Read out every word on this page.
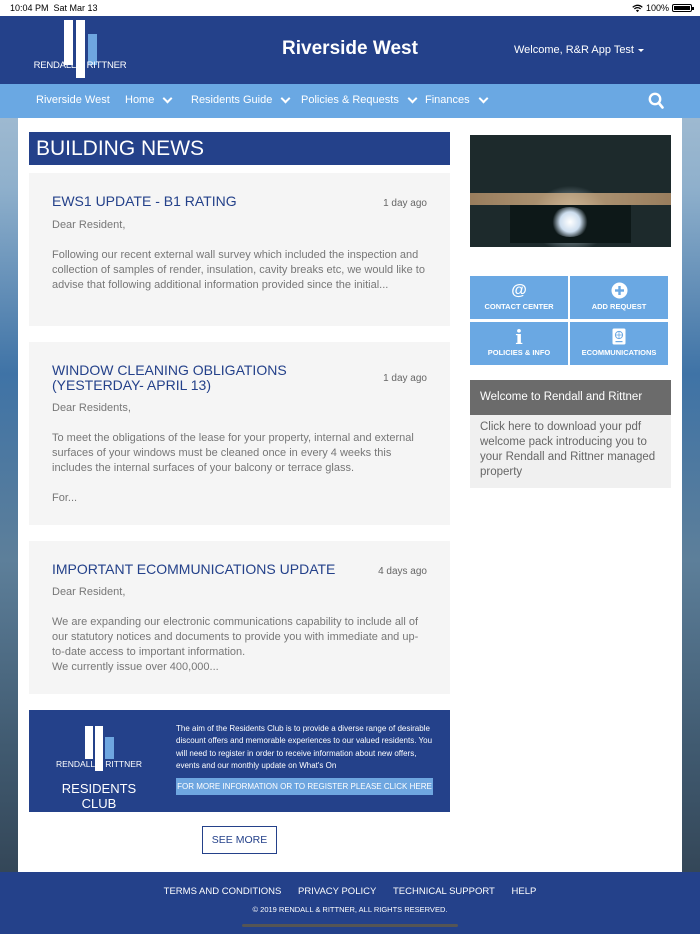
10:04 PM Sat Mar 13	100%
RENDALL & RITTNER
Riverside West	Welcome, R&R App Test
Riverside West Home	Residents Guide	Policies & Requests Finances
BUILDING NEWS
EWS1 UPDATE - B1 RATING	1 day ago
Dear Resident,
Following our recent external wall survey which included the inspection and collection of samples of render, insulation, cavity breaks etc, we would like to advise that following additional information provided since the initial...
WINDOW CLEANING OBLIGATIONS (YESTERDAY- APRIL 13)	1 day ago
Dear Residents,
To meet the obligations of the lease for your property, internal and external surfaces of your windows must be cleaned once in every 4 weeks this includes the internal surfaces of your balcony or terrace glass.
For...
IMPORTANT ECOMMUNICATIONS UPDATE	4 days ago
Dear Resident,
We are expanding our electronic communications capability to include all of our statutory notices and documents to provide you with immediate and up-to-date access to important information.
We currently issue over 400,000...
RENDALL & RITTNER
RESIDENTS CLUB
The aim of the Residents Club is to provide a diverse range of desirable discount offers and memorable experiences to our valued residents. You will need to register in order to receive information about new offers, events and our monthly update on What's On
FOR MORE INFORMATION OR TO REGISTER PLEASE CLICK HERE
SEE MORE
@
CONTACT CENTER	ADD REQUEST
i
POLICIES & INFO	ECOMMUNICATIONS
Welcome to Rendall and Rittner
Click here to download your pdf welcome pack introducing you to your Rendall and Rittner managed property
TERMS AND CONDITIONS PRIVACY POLICY TECHNICAL SUPPORT HELP
© 2019 RENDALL & RITTNER, ALL RIGHTS RESERVED.
